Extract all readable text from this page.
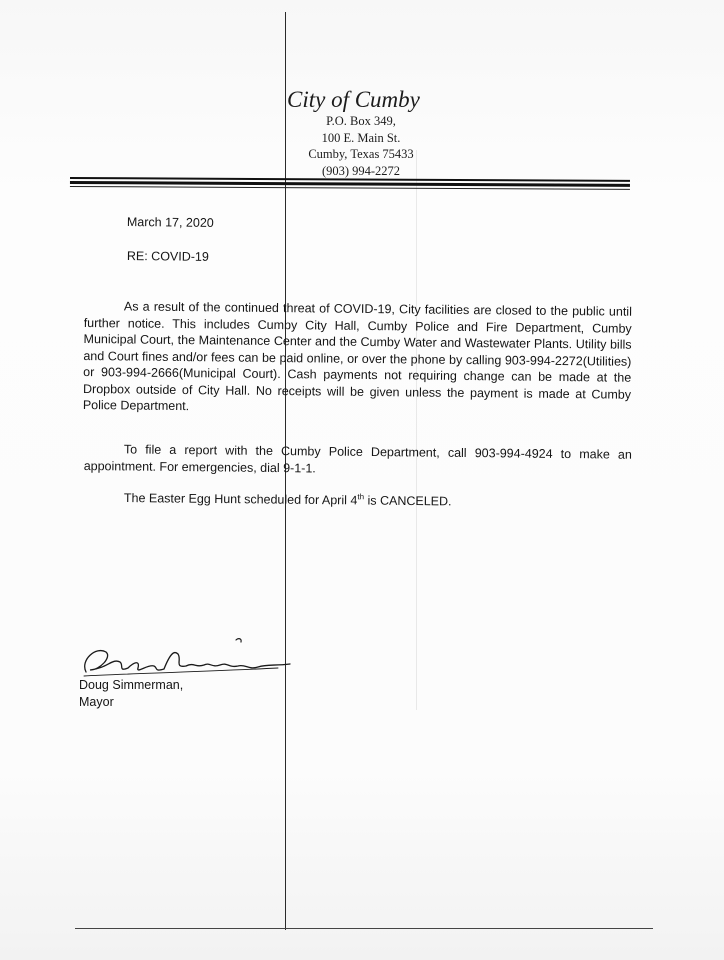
City of Cumby
P.O. Box 349,
100 E. Main St.
Cumby, Texas 75433
(903) 994-2272
March 17, 2020
RE: COVID-19
As a result of the continued threat of COVID-19, City facilities are closed to the public until further notice. This includes Cumby City Hall, Cumby Police and Fire Department, Cumby Municipal Court, the Maintenance Center and the Cumby Water and Wastewater Plants. Utility bills and Court fines and/or fees can be paid online, or over the phone by calling 903-994-2272(Utilities) or 903-994-2666(Municipal Court). Cash payments not requiring change can be made at the Dropbox outside of City Hall. No receipts will be given unless the payment is made at Cumby Police Department.
To file a report with the Cumby Police Department, call 903-994-4924 to make an appointment. For emergencies, dial 9-1-1.
The Easter Egg Hunt scheduled for April 4th is CANCELED.
Doug Simmerman,
Mayor
